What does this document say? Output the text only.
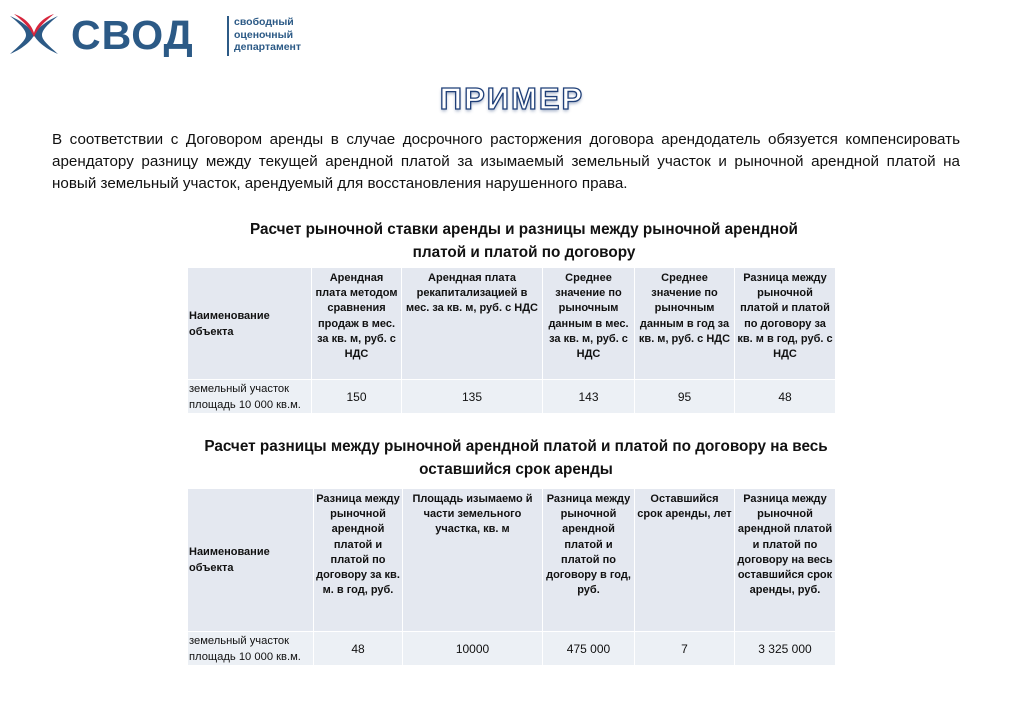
СВОД	свободный
оценочный
департамент
ПРИМЕР
В соответствии с Договором аренды в случае досрочного расторжения договора арендодатель обязуется компенсировать арендатору разницу между текущей арендной платой за изымаемый земельный участок и рыночной арендной платой на новый земельный участок, арендуемый для восстановления нарушенного права.
Расчет рыночной ставки аренды и разницы между рыночной арендной платой и платой по договору
Наименование объекта	Арендная плата методом сравнения продаж в мес. за кв. м, руб. с НДС	Арендная плата рекапитализацией в мес. за кв. м, руб. с НДС	Среднее значение по рыночным данным в мес. за кв. м, руб. с НДС	Среднее значение по рыночным данным в год за кв. м, руб. с НДС	Разница между рыночной платой и платой по договору за кв. м в год, руб. с НДС
земельный участок площадь 10 000 кв.м.	150	135	143	95	48
Расчет разницы между рыночной арендной платой и платой по договору на весь оставшийся срок аренды
Наименование объекта	Разница между рыночной арендной платой и платой по договору за кв. м. в год, руб.	Площадь изымаемо й части земельного участка, кв. м	Разница между рыночной арендной платой и платой по договору в год, руб.	Оставшийся срок аренды, лет	Разница между рыночной арендной платой и платой по договору на весь оставшийся срок аренды, руб.
земельный участок площадь 10 000 кв.м.	48	10000	475 000	7	3 325 000
